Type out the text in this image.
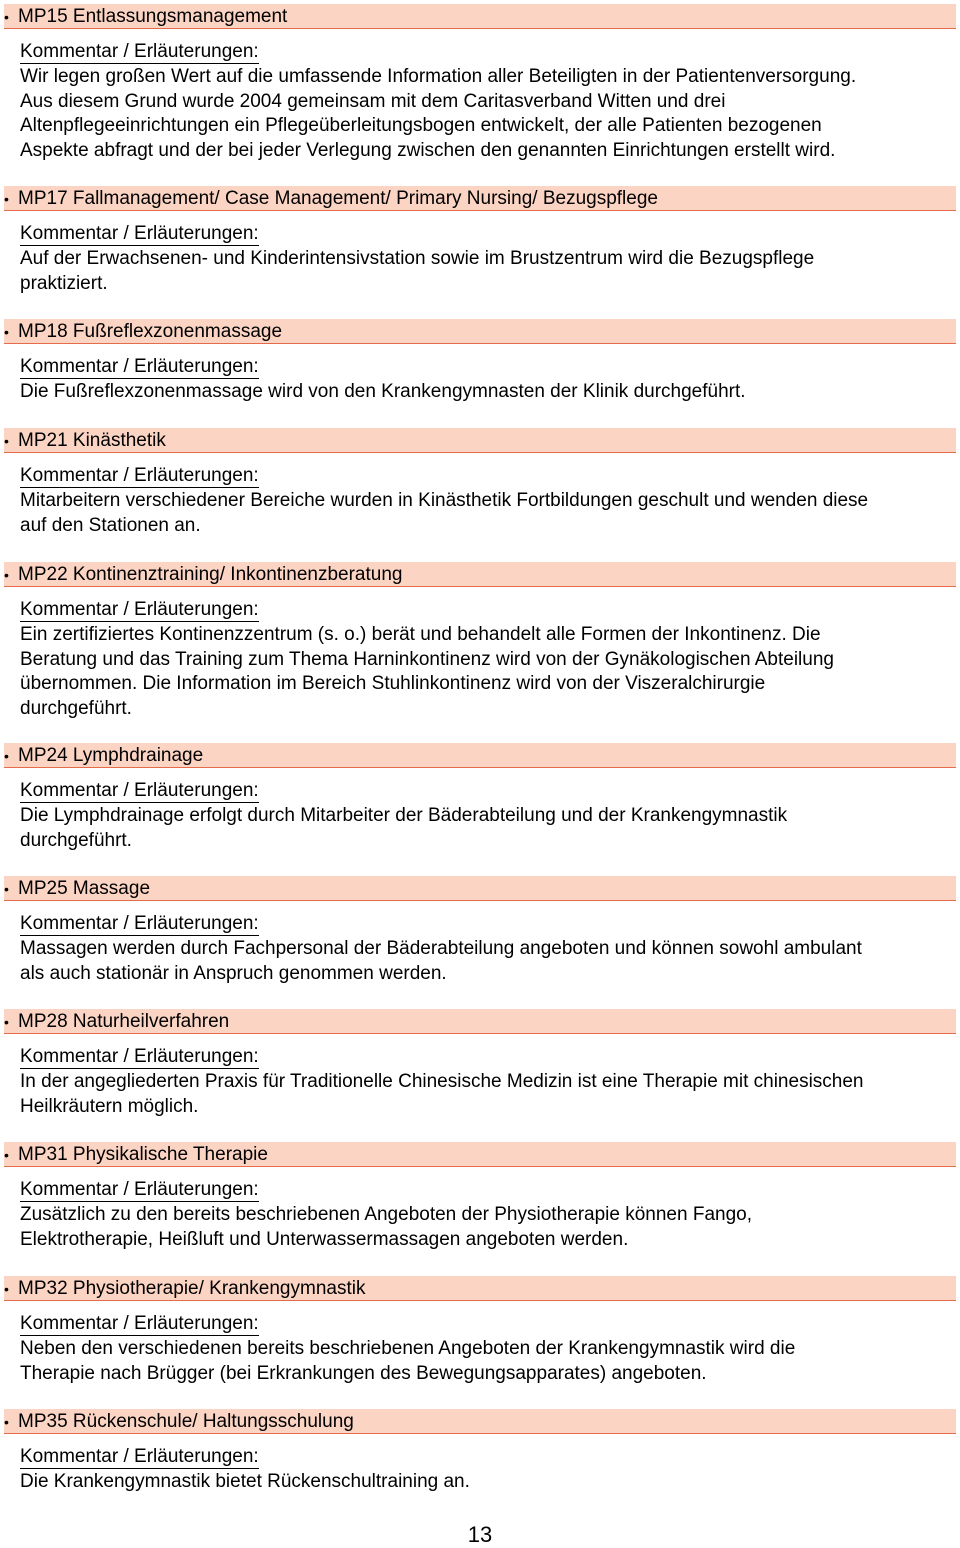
• MP15 Entlassungsmanagement
Kommentar / Erläuterungen:
Wir legen großen Wert auf die umfassende Information aller Beteiligten in der Patientenversorgung.
Aus diesem Grund wurde 2004 gemeinsam mit dem Caritasverband Witten und drei
Altenpflegeeinrichtungen ein Pflegeüberleitungsbogen entwickelt, der alle Patienten bezogenen
Aspekte abfragt und der bei jeder Verlegung zwischen den genannten Einrichtungen erstellt wird.
• MP17 Fallmanagement/ Case Management/ Primary Nursing/ Bezugspflege
Kommentar / Erläuterungen:
Auf der Erwachsenen- und Kinderintensivstation sowie im Brustzentrum wird die Bezugspflege
praktiziert.
• MP18 Fußreflexzonenmassage
Kommentar / Erläuterungen:
Die Fußreflexzonenmassage wird von den Krankengymnasten der Klinik durchgeführt.
• MP21 Kinästhetik
Kommentar / Erläuterungen:
Mitarbeitern verschiedener Bereiche wurden in Kinästhetik Fortbildungen geschult und wenden diese
auf den Stationen an.
• MP22 Kontinenztraining/ Inkontinenzberatung
Kommentar / Erläuterungen:
Ein zertifiziertes Kontinenzzentrum (s. o.) berät und behandelt alle Formen der Inkontinenz. Die
Beratung und das Training zum Thema Harninkontinenz wird von der Gynäkologischen Abteilung
übernommen. Die Information im Bereich Stuhlinkontinenz wird von der Viszeralchirurgie
durchgeführt.
• MP24 Lymphdrainage
Kommentar / Erläuterungen:
Die Lymphdrainage erfolgt durch Mitarbeiter der Bäderabteilung und der Krankengymnastik
durchgeführt.
• MP25 Massage
Kommentar / Erläuterungen:
Massagen werden durch Fachpersonal der Bäderabteilung angeboten und können sowohl ambulant
als auch stationär in Anspruch genommen werden.
• MP28 Naturheilverfahren
Kommentar / Erläuterungen:
In der angegliederten Praxis für Traditionelle Chinesische Medizin ist eine Therapie mit chinesischen
Heilkräutern möglich.
• MP31 Physikalische Therapie
Kommentar / Erläuterungen:
Zusätzlich zu den bereits beschriebenen Angeboten der Physiotherapie können Fango,
Elektrotherapie, Heißluft und Unterwassermassagen angeboten werden.
• MP32 Physiotherapie/ Krankengymnastik
Kommentar / Erläuterungen:
Neben den verschiedenen bereits beschriebenen Angeboten der Krankengymnastik wird die
Therapie nach Brügger (bei Erkrankungen des Bewegungsapparates) angeboten.
• MP35 Rückenschule/ Haltungsschulung
Kommentar / Erläuterungen:
Die Krankengymnastik bietet Rückenschultraining an.
13
